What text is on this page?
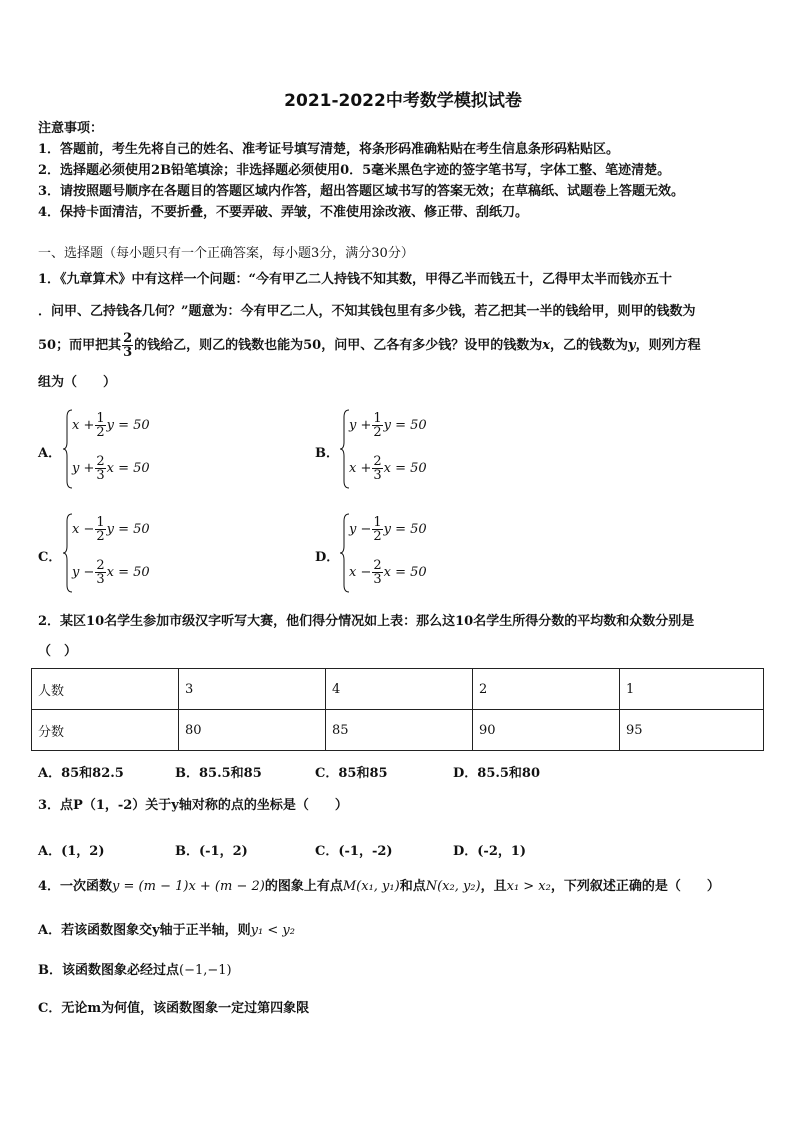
2021-2022中考数学模拟试卷
注意事项：
1．答题前，考生先将自己的姓名、准考证号填写清楚，将条形码准确粘贴在考生信息条形码粘贴区。
2．选择题必须使用2B铅笔填涂；非选择题必须使用0．5毫米黑色字迹的签字笔书写，字体工整、笔迹清楚。
3．请按照题号顺序在各题目的答题区域内作答，超出答题区域书写的答案无效；在草稿纸、试题卷上答题无效。
4．保持卡面清洁，不要折叠，不要弄破、弄皱，不准使用涂改液、修正带、刮纸刀。
一、选择题（每小题只有一个正确答案，每小题3分，满分30分）
1．《九章算术》中有这样一个问题：“今有甲乙二人持钱不知其数，甲得乙半而钱五十，乙得甲太半而钱亦五十
．问甲、乙持钱各几何？”题意为：今有甲乙二人，不知其钱包里有多少钱，若乙把其一半的钱给甲，则甲的钱数为
50；而甲把其 $\frac{2}{3}$ 的钱给乙，则乙的钱数也能为50，问甲、乙各有多少钱？设甲的钱数为x，乙的钱数为y，则列方程
组为（　　）
A．
$x + \frac{1}{2}$ y = 50
$y + \frac{2}{3}$ x = 50
B．
$y + \frac{1}{2}$ y = 50
$x + \frac{2}{3}$ x = 50
C．
$x - \frac{1}{2}$ y = 50
$y - \frac{2}{3}$ x = 50
D．
$y - \frac{1}{2}$ y = 50
$x - \frac{2}{3}$ x = 50
2．某区10名学生参加市级汉字听写大赛，他们得分情况如上表：那么这10名学生所得分数的平均数和众数分别是
（　）
人数	3	4	2	1
分数	80	85	90	95
A．85和82.5	B．85.5和85	C．85和85	D．85.5和80
3．点P（1，-2）关于y轴对称的点的坐标是（　　）
A．(1，2)	B．(-1，2)	C．(-1，-2)	D．(-2，1)
4．一次函数y = (m − 1)x + (m − 2)的图象上有点M(x₁, y₁)和点N(x₂, y₂)，且x₁ > x₂，下列叙述正确的是（　　）
A．若该函数图象交y轴于正半轴，则y₁ < y₂
B．该函数图象必经过点(−1,−1)
C．无论m为何值，该函数图象一定过第四象限
